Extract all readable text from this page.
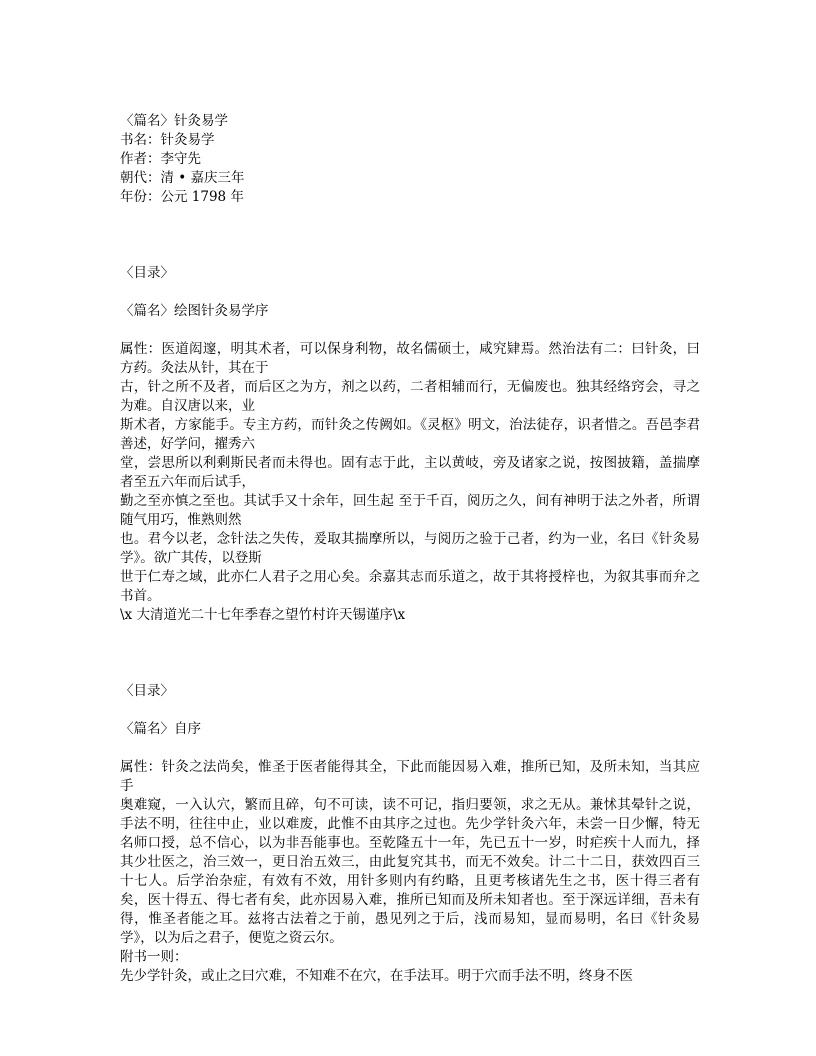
〈篇名〉针灸易学

书名：针灸易学

作者：李守先

朝代：清 • 嘉庆三年

年份：公元 1798 年

〈目录〉

〈篇名〉绘图针灸易学序

属性：医道闳邃，明其术者，可以保身利物，故名儒硕士，咸究肄焉。然治法有二：曰针灸，曰方药。灸法从针，其在于

古，针之所不及者，而后区之为方，剂之以药，二者相辅而行，无偏废也。独其经络窍会，寻之为难。自汉唐以来，业

斯术者，方家能手。专主方药，而针灸之传阙如。《灵枢》明文，治法徒存，识者惜之。吾邑李君善述，好学问，擢秀六

堂，尝思所以利剩斯民者而未得也。固有志于此，主以黄岐，旁及诸家之说，按图披籍，盖揣摩者至五六年而后试手，

勤之至亦慎之至也。其试手又十余年，回生起 至于千百，阅历之久，间有神明于法之外者，所谓随气用巧，惟熟则然

也。君今以老，念针法之失传，爰取其揣摩所以，与阅历之验于己者，约为一业，名曰《针灸易学》。欲广其传，以登斯

世于仁寿之域，此亦仁人君子之用心矣。余嘉其志而乐道之，故于其将授梓也，为叙其事而弁之书首。

\x 大清道光二十七年季春之望竹村许天锡谨序\x

〈目录〉

〈篇名〉自序

属性：针灸之法尚矣，惟圣于医者能得其全，下此而能因易入难，推所已知，及所未知，当其应手

奥难窥，一入认穴，繁而且碎，句不可读，读不可记，指归要领，求之无从。兼怵其晕针之说，手法不明，往往中止，业以难废，此惟不由其序之过也。先少学针灸六年，未尝一日少懈，特无名师口授，总不信心，以为非吾能事也。至乾隆五十一年，先已五十一岁，时疟疾十人而九，择其少壮医之，治三效一，更日治五效三，由此复究其书，而无不效矣。计二十二日，获效四百三十七人。后学治杂症，有效有不效，用针多则内有约略，且更考核诸先生之书，医十得三者有矣，医十得五、得七者有矣，此亦因易入难，推所已知而及所未知者也。至于深远详细，吾未有得，惟圣者能之耳。兹将古法着之于前，愚见列之于后，浅而易知，显而易明，名曰《针灸易学》，以为后之君子，便览之资云尔。

附书一则：

先少学针灸，或止之曰穴难，不知难不在穴，在手法耳。明于穴而手法不明，终身不医
